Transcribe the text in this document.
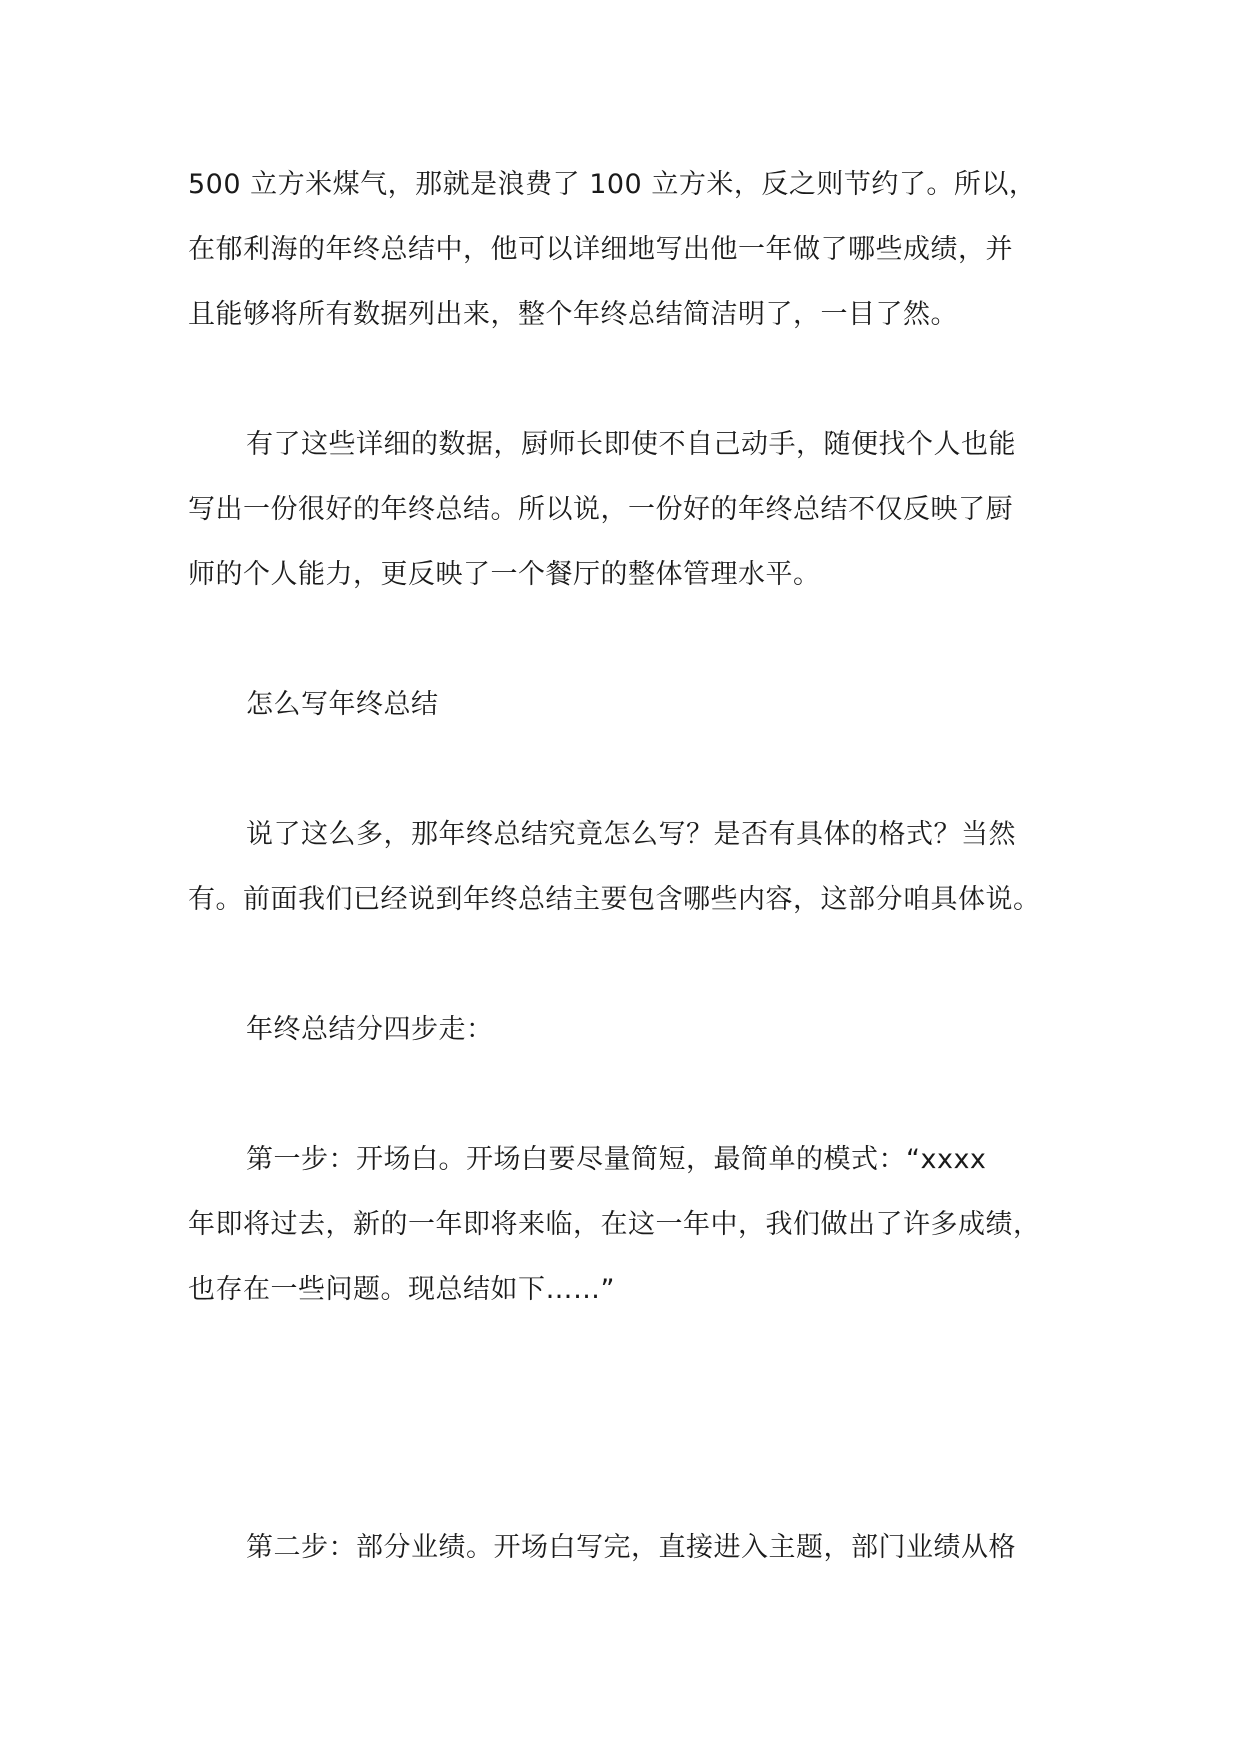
500 立方米煤气，那就是浪费了 100 立方米，反之则节约了。所以，
在郁利海的年终总结中，他可以详细地写出他一年做了哪些成绩，并
且能够将所有数据列出来，整个年终总结简洁明了，一目了然。
有了这些详细的数据，厨师长即使不自己动手，随便找个人也能
写出一份很好的年终总结。所以说，一份好的年终总结不仅反映了厨
师的个人能力，更反映了一个餐厅的整体管理水平。
怎么写年终总结
说了这么多，那年终总结究竟怎么写？是否有具体的格式？当然
有。前面我们已经说到年终总结主要包含哪些内容，这部分咱具体说。
年终总结分四步走：
第一步：开场白。开场白要尽量简短，最简单的模式：“xxxx
年即将过去，新的一年即将来临，在这一年中，我们做出了许多成绩，
也存在一些问题。现总结如下……”
第二步：部分业绩。开场白写完，直接进入主题，部门业绩从格
